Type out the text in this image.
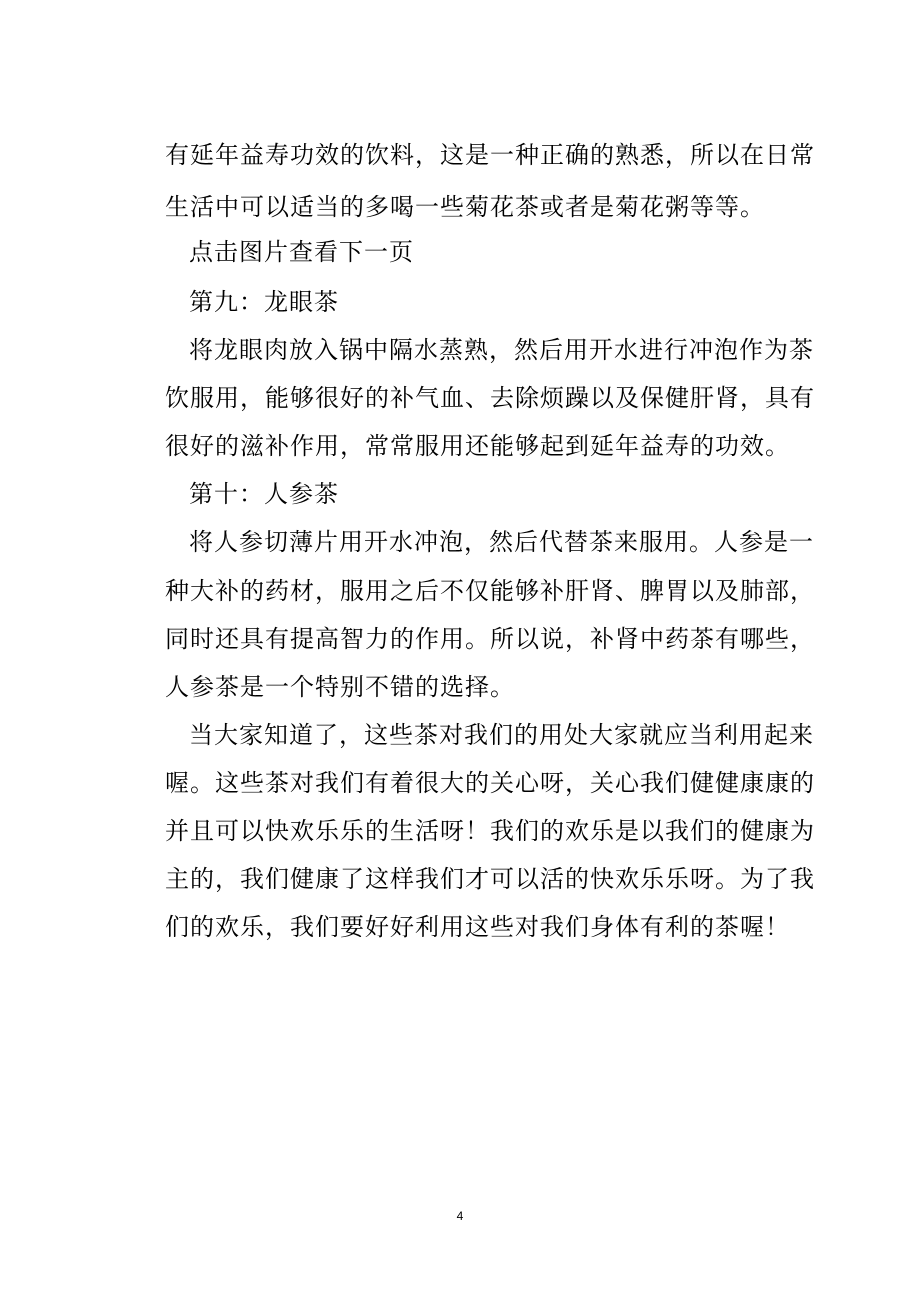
有延年益寿功效的饮料，这是一种正确的熟悉，所以在日常
生活中可以适当的多喝一些菊花茶或者是菊花粥等等。
点击图片查看下一页
第九：龙眼茶
将龙眼肉放入锅中隔水蒸熟，然后用开水进行冲泡作为茶
饮服用，能够很好的补气血、去除烦躁以及保健肝肾，具有
很好的滋补作用，常常服用还能够起到延年益寿的功效。
第十：人参茶
将人参切薄片用开水冲泡，然后代替茶来服用。人参是一
种大补的药材，服用之后不仅能够补肝肾、脾胃以及肺部，
同时还具有提高智力的作用。所以说，补肾中药茶有哪些，
人参茶是一个特别不错的选择。
当大家知道了，这些茶对我们的用处大家就应当利用起来
喔。这些茶对我们有着很大的关心呀，关心我们健健康康的
并且可以快欢乐乐的生活呀！我们的欢乐是以我们的健康为
主的，我们健康了这样我们才可以活的快欢乐乐呀。为了我
们的欢乐，我们要好好利用这些对我们身体有利的茶喔！
4
